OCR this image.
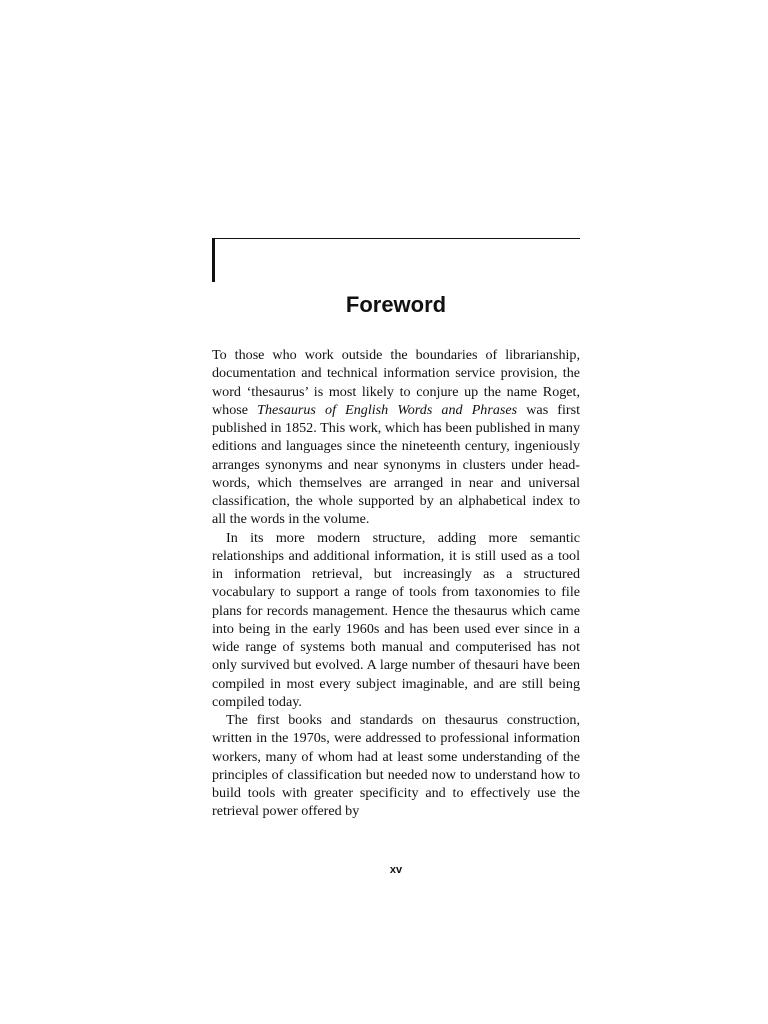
Foreword

To those who work outside the boundaries of librarianship, documentation and technical information service provision, the word ‘thesaurus’ is most likely to conjure up the name Roget, whose Thesaurus of English Words and Phrases was first published in 1852. This work, which has been published in many editions and languages since the nineteenth century, ingeniously arranges synonyms and near synonyms in clusters under head-words, which themselves are arranged in near and universal classification, the whole supported by an alphabetical index to all the words in the volume.

In its more modern structure, adding more semantic relationships and additional information, it is still used as a tool in information retrieval, but increasingly as a structured vocabulary to support a range of tools from taxonomies to file plans for records management. Hence the thesaurus which came into being in the early 1960s and has been used ever since in a wide range of systems both manual and computerised has not only survived but evolved. A large number of thesauri have been compiled in most every subject imaginable, and are still being compiled today.

The first books and standards on thesaurus construction, written in the 1970s, were addressed to professional information workers, many of whom had at least some understanding of the principles of classification but needed now to understand how to build tools with greater specificity and to effectively use the retrieval power offered by

xv
